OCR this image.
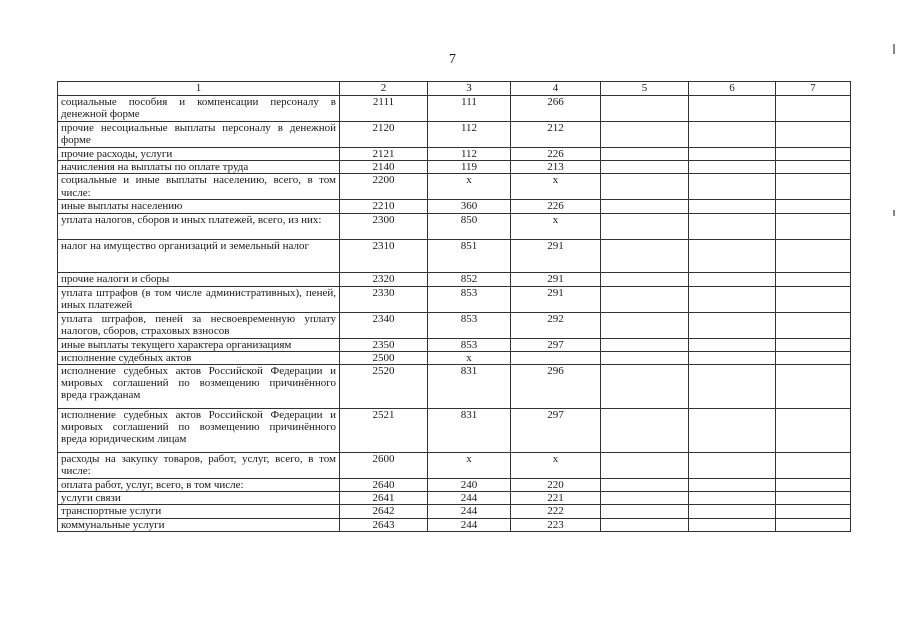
7
1	2	3	4	5	6	7
социальные пособия и компенсации персоналу в денежной форме	2111	111	266			
прочие несоциальные выплаты персоналу в денежной форме	2120	112	212			
прочие расходы, услуги	2121	112	226			
начисления на выплаты по оплате труда	2140	119	213			
социальные и иные выплаты населению, всего, в том числе:	2200	х	х			
иные выплаты населению	2210	360	226			
уплата налогов, сборов и иных платежей, всего, из них:	2300	850	х			
налог на имущество организаций и земельный налог	2310	851	291			
прочие налоги и сборы	2320	852	291			
уплата штрафов (в том числе административных), пеней, иных платежей	2330	853	291			
уплата штрафов, пеней за несвоевременную уплату налогов, сборов, страховых взносов	2340	853	292			
иные выплаты текущего характера организациям	2350	853	297			
исполнение судебных актов	2500	х				
исполнение судебных актов Российской Федерации и мировых соглашений по возмещению причинённого вреда гражданам	2520	831	296			
исполнение судебных актов Российской Федерации и мировых соглашений по возмещению причинённого вреда юридическим лицам	2521	831	297			
расходы на закупку товаров, работ, услуг, всего, в том числе:	2600	х	х			
оплата работ, услуг, всего, в том числе:	2640	240	220			
услуги связи	2641	244	221			
транспортные услуги	2642	244	222			
коммунальные услуги	2643	244	223			
